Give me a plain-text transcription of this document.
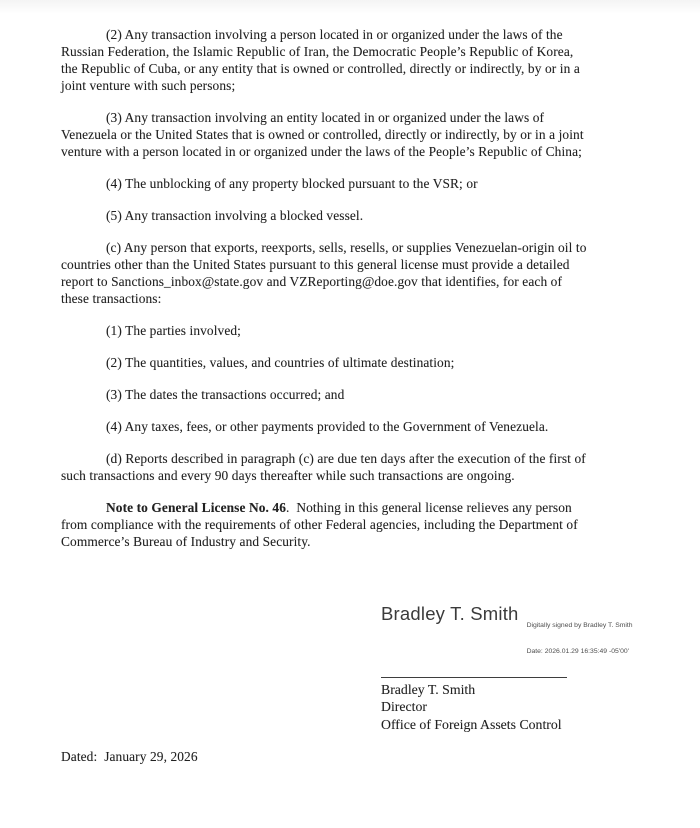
(2) Any transaction involving a person located in or organized under the laws of the
Russian Federation, the Islamic Republic of Iran, the Democratic People’s Republic of Korea,
the Republic of Cuba, or any entity that is owned or controlled, directly or indirectly, by or in a
joint venture with such persons;
(3) Any transaction involving an entity located in or organized under the laws of
Venezuela or the United States that is owned or controlled, directly or indirectly, by or in a joint
venture with a person located in or organized under the laws of the People’s Republic of China;
(4) The unblocking of any property blocked pursuant to the VSR; or
(5) Any transaction involving a blocked vessel.
(c) Any person that exports, reexports, sells, resells, or supplies Venezuelan-origin oil to
countries other than the United States pursuant to this general license must provide a detailed
report to Sanctions_inbox@state.gov and VZReporting@doe.gov that identifies, for each of
these transactions:
(1) The parties involved;
(2) The quantities, values, and countries of ultimate destination;
(3) The dates the transactions occurred; and
(4) Any taxes, fees, or other payments provided to the Government of Venezuela.
(d) Reports described in paragraph (c) are due ten days after the execution of the first of
such transactions and every 90 days thereafter while such transactions are ongoing.
Note to General License No. 46.  Nothing in this general license relieves any person
from compliance with the requirements of other Federal agencies, including the Department of
Commerce’s Bureau of Industry and Security.
Bradley T. Smith

Digitally signed by Bradley T. Smith

Date: 2026.01.29 16:35:49 -05'00'

Bradley T. Smith
Director
Office of Foreign Assets Control
Dated:  January 29, 2026
